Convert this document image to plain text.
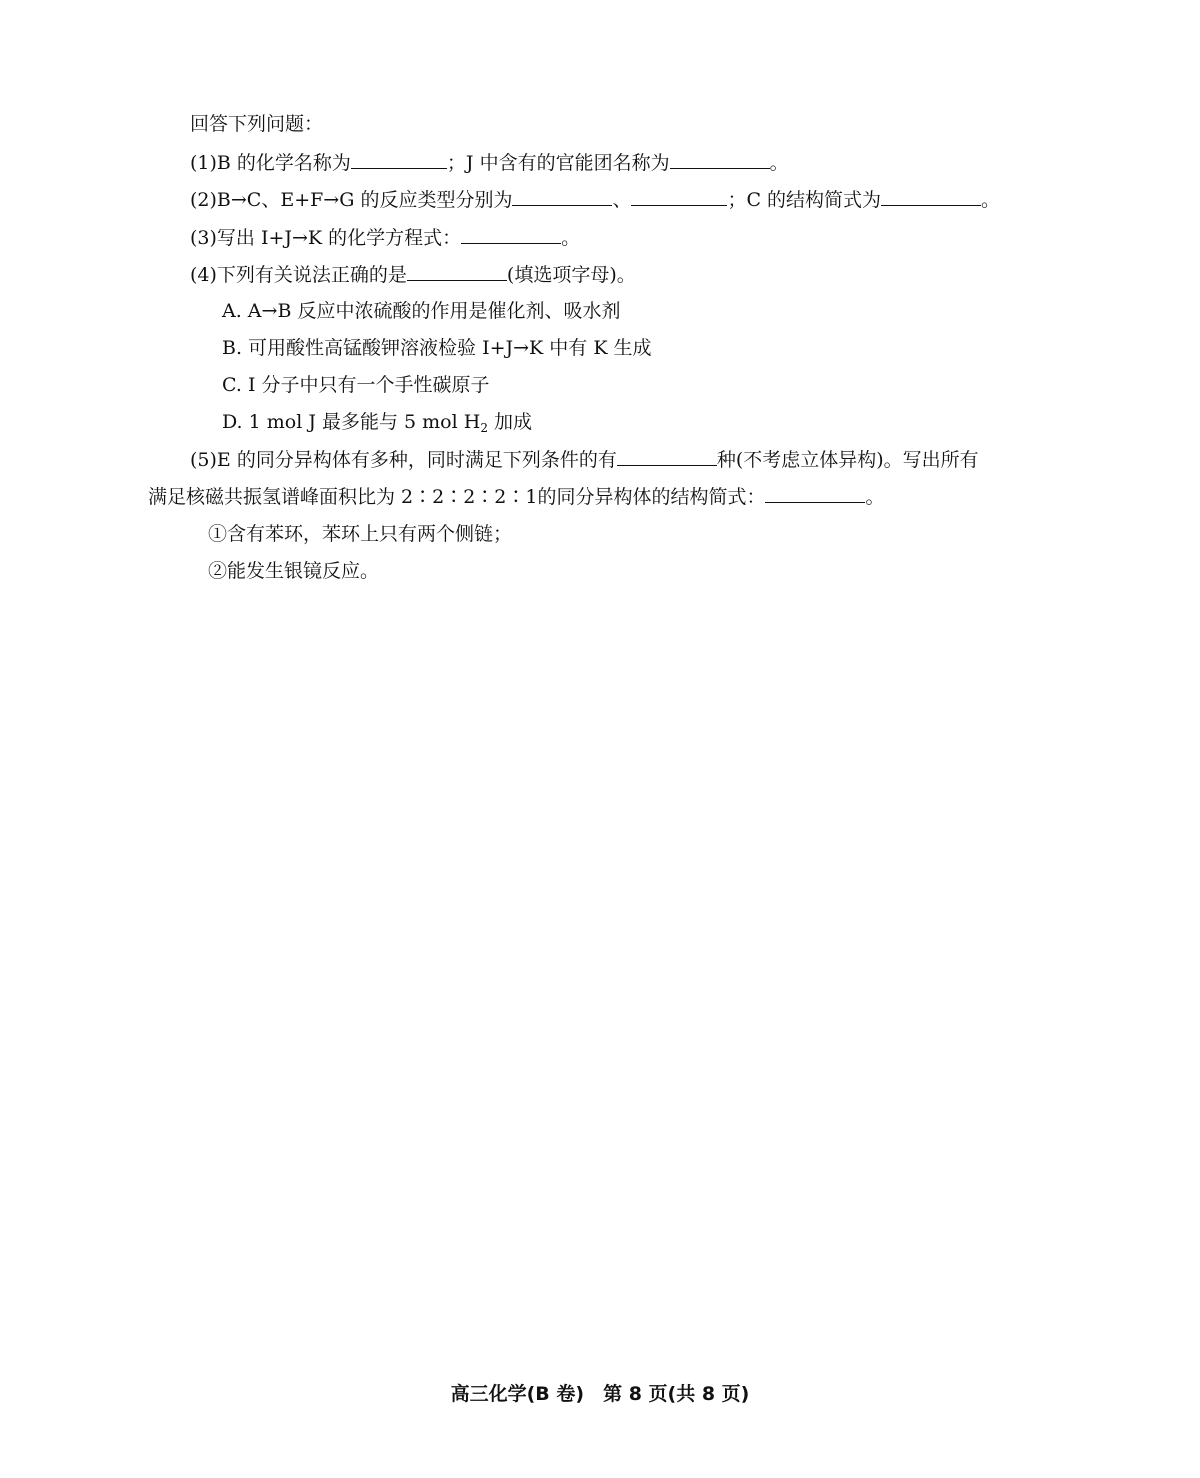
回答下列问题：
(1)B 的化学名称为	；J 中含有的官能团名称为	。
(2)B→C、E+F→G 的反应类型分别为	、	；C 的结构简式为	。
(3)写出 I+J→K 的化学方程式：	。
(4)下列有关说法正确的是	(填选项字母)。
A. A→B 反应中浓硫酸的作用是催化剂、吸水剂
B. 可用酸性高锰酸钾溶液检验 I+J→K 中有 K 生成
C. I 分子中只有一个手性碳原子
D. 1 mol J 最多能与 5 mol $H_2$ 加成
(5)E 的同分异构体有多种，同时满足下列条件的有	种(不考虑立体异构)。写出所有
满足核磁共振氢谱峰面积比为 2∶2∶2∶2∶1的同分异构体的结构简式：	。
①含有苯环，苯环上只有两个侧链；
②能发生银镜反应。
高三化学(B 卷)　第 8 页(共 8 页)
